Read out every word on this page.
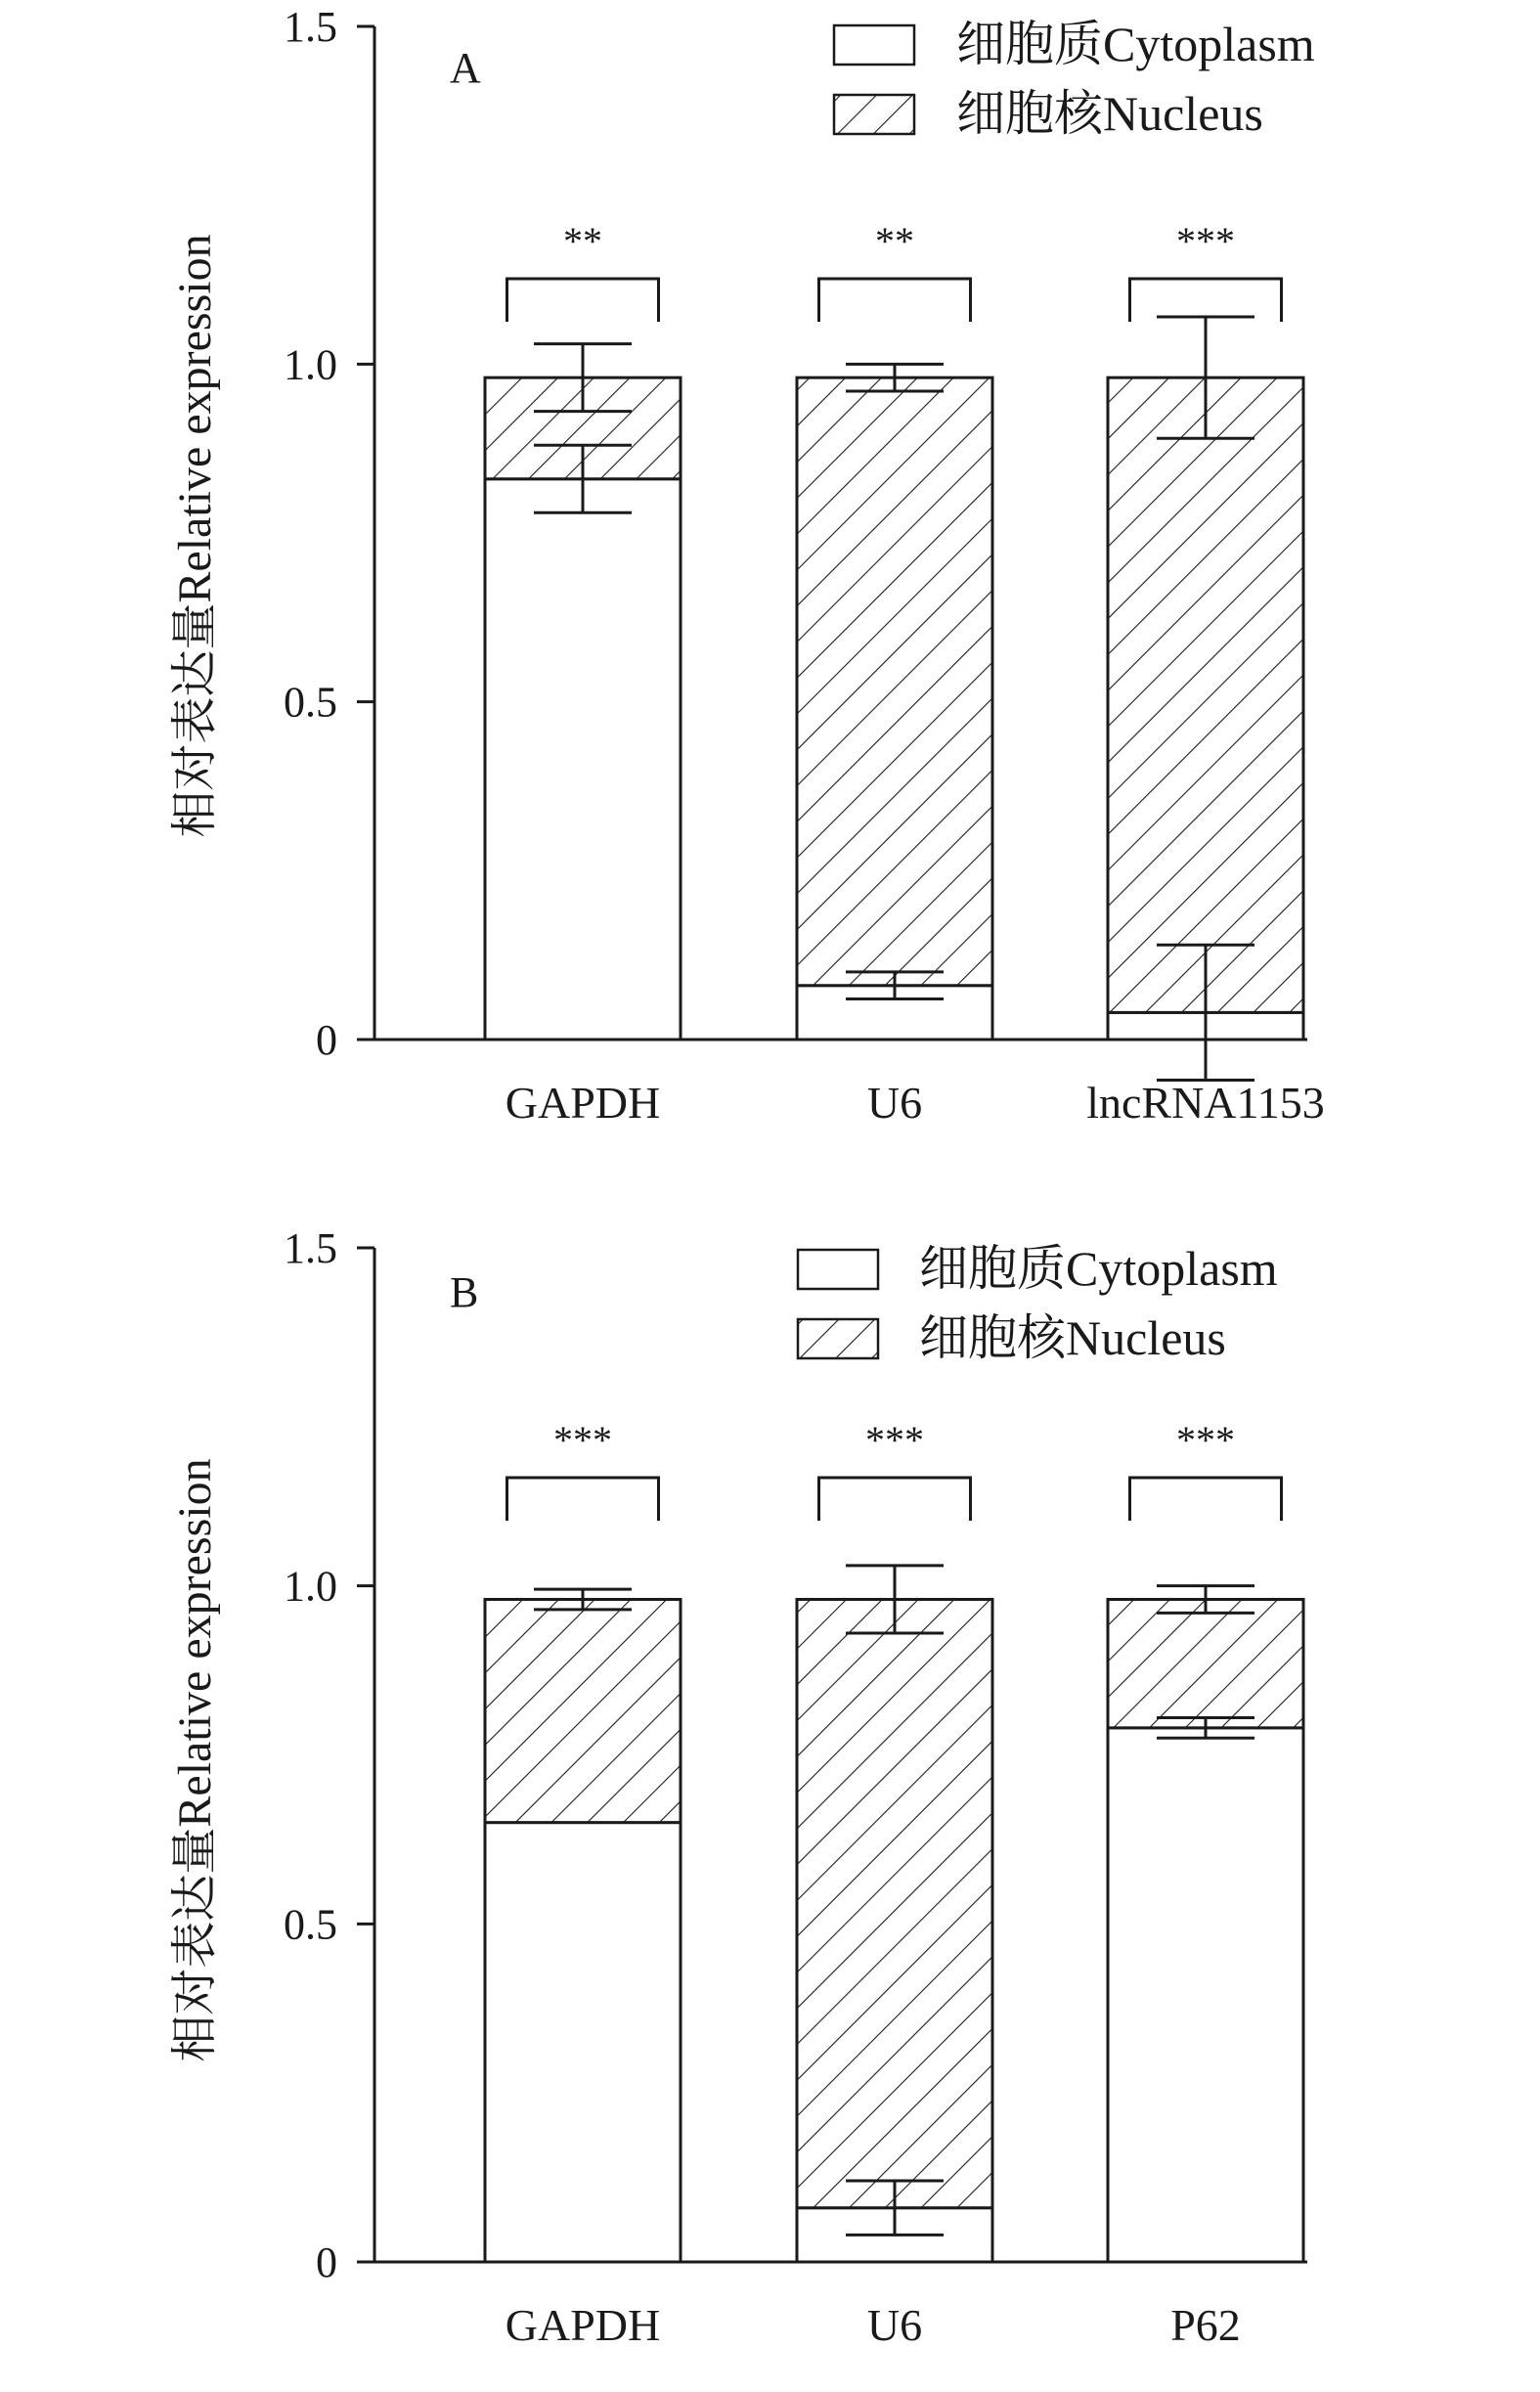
相对表达量Relative expression
A	细胞质Cytoplasm
细胞核Nucleus
0
0.5
1.0
1.5
GAPDH	U6	lncRNA1153
**	**	***
相对表达量Relative expression
B	细胞质Cytoplasm
细胞核Nucleus
0
0.5
1.0
1.5
GAPDH	U6	P62
***	***	***
